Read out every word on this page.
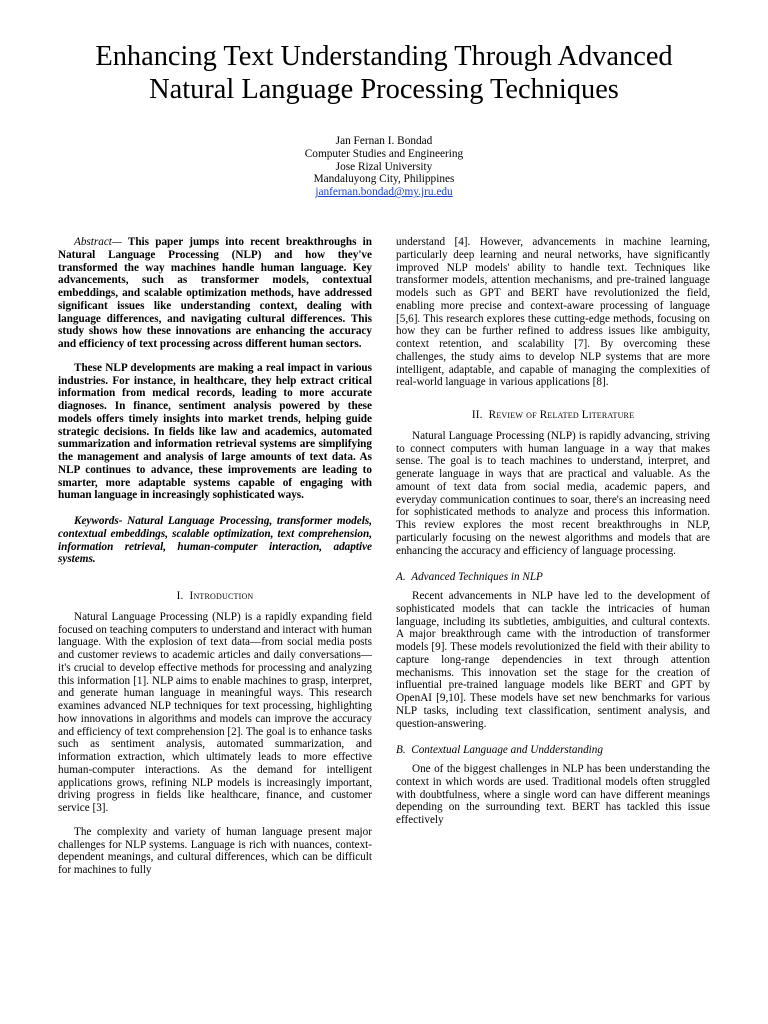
Enhancing Text Understanding Through Advanced
Natural Language Processing Techniques
Jan Fernan I. Bondad
Computer Studies and Engineering
Jose Rizal University
Mandaluyong City, Philippines
janfernan.bondad@my.jru.edu

Abstract— This paper jumps into recent breakthroughs in Natural Language Processing (NLP) and how they've transformed the way machines handle human language. Key advancements, such as transformer models, contextual embeddings, and scalable optimization methods, have addressed significant issues like understanding context, dealing with language differences, and navigating cultural differences. This study shows how these innovations are enhancing the accuracy and efficiency of text processing across different human sectors.

These NLP developments are making a real impact in various industries. For instance, in healthcare, they help extract critical information from medical records, leading to more accurate diagnoses. In finance, sentiment analysis powered by these models offers timely insights into market trends, helping guide strategic decisions. In fields like law and academics, automated summarization and information retrieval systems are simplifying the management and analysis of large amounts of text data. As NLP continues to advance, these improvements are leading to smarter, more adaptable systems capable of engaging with human language in increasingly sophisticated ways.

Keywords- Natural Language Processing, transformer models, contextual embeddings, scalable optimization, text comprehension, information retrieval, human-computer interaction, adaptive systems.

I. Introduction

Natural Language Processing (NLP) is a rapidly expanding field focused on teaching computers to understand and interact with human language. With the explosion of text data—from social media posts and customer reviews to academic articles and daily conversations—it's crucial to develop effective methods for processing and analyzing this information [1]. NLP aims to enable machines to grasp, interpret, and generate human language in meaningful ways. This research examines advanced NLP techniques for text processing, highlighting how innovations in algorithms and models can improve the accuracy and efficiency of text comprehension [2]. The goal is to enhance tasks such as sentiment analysis, automated summarization, and information extraction, which ultimately leads to more effective human-computer interactions. As the demand for intelligent applications grows, refining NLP models is increasingly important, driving progress in fields like healthcare, finance, and customer service [3].

The complexity and variety of human language present major challenges for NLP systems. Language is rich with nuances, context-dependent meanings, and cultural differences, which can be difficult for machines to fully

understand [4]. However, advancements in machine learning, particularly deep learning and neural networks, have significantly improved NLP models' ability to handle text. Techniques like transformer models, attention mechanisms, and pre-trained language models such as GPT and BERT have revolutionized the field, enabling more precise and context-aware processing of language [5,6]. This research explores these cutting-edge methods, focusing on how they can be further refined to address issues like ambiguity, context retention, and scalability [7]. By overcoming these challenges, the study aims to develop NLP systems that are more intelligent, adaptable, and capable of managing the complexities of real-world language in various applications [8].

II. Review of Related Literature

Natural Language Processing (NLP) is rapidly advancing, striving to connect computers with human language in a way that makes sense. The goal is to teach machines to understand, interpret, and generate language in ways that are practical and valuable. As the amount of text data from social media, academic papers, and everyday communication continues to soar, there's an increasing need for sophisticated methods to analyze and process this information. This review explores the most recent breakthroughs in NLP, particularly focusing on the newest algorithms and models that are enhancing the accuracy and efficiency of language processing.

A. Advanced Techniques in NLP

Recent advancements in NLP have led to the development of sophisticated models that can tackle the intricacies of human language, including its subtleties, ambiguities, and cultural contexts. A major breakthrough came with the introduction of transformer models [9]. These models revolutionized the field with their ability to capture long-range dependencies in text through attention mechanisms. This innovation set the stage for the creation of influential pre-trained language models like BERT and GPT by OpenAI [9,10]. These models have set new benchmarks for various NLP tasks, including text classification, sentiment analysis, and question-answering.

B. Contextual Language and Undderstanding

One of the biggest challenges in NLP has been understanding the context in which words are used. Traditional models often struggled with doubtfulness, where a single word can have different meanings depending on the surrounding text. BERT has tackled this issue effectively
